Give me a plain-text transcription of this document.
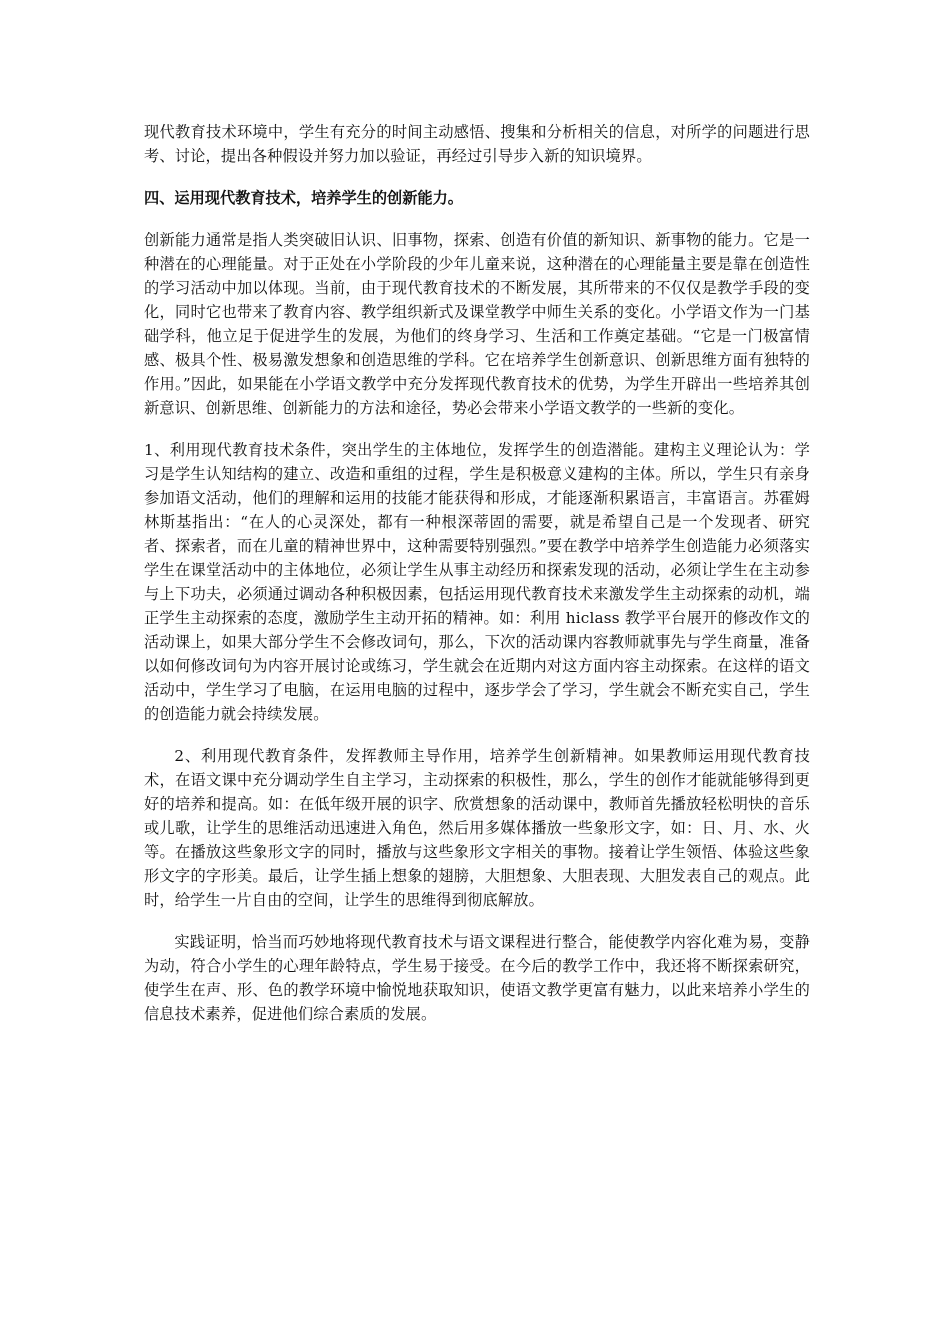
现代教育技术环境中，学生有充分的时间主动感悟、搜集和分析相关的信息，对所学的问题进行思考、讨论，提出各种假设并努力加以验证，再经过引导步入新的知识境界。

四、运用现代教育技术，培养学生的创新能力。

创新能力通常是指人类突破旧认识、旧事物，探索、创造有价值的新知识、新事物的能力。它是一种潜在的心理能量。对于正处在小学阶段的少年儿童来说，这种潜在的心理能量主要是靠在创造性的学习活动中加以体现。当前，由于现代教育技术的不断发展，其所带来的不仅仅是教学手段的变化，同时它也带来了教育内容、教学组织新式及课堂教学中师生关系的变化。小学语文作为一门基础学科，他立足于促进学生的发展，为他们的终身学习、生活和工作奠定基础。“它是一门极富情感、极具个性、极易激发想象和创造思维的学科。它在培养学生创新意识、创新思维方面有独特的作用。”因此，如果能在小学语文教学中充分发挥现代教育技术的优势，为学生开辟出一些培养其创新意识、创新思维、创新能力的方法和途径，势必会带来小学语文教学的一些新的变化。

1、利用现代教育技术条件，突出学生的主体地位，发挥学生的创造潜能。建构主义理论认为：学习是学生认知结构的建立、改造和重组的过程，学生是积极意义建构的主体。所以，学生只有亲身参加语文活动，他们的理解和运用的技能才能获得和形成，才能逐渐积累语言，丰富语言。苏霍姆林斯基指出：“在人的心灵深处，都有一种根深蒂固的需要，就是希望自己是一个发现者、研究者、探索者，而在儿童的精神世界中，这种需要特别强烈。”要在教学中培养学生创造能力必须落实学生在课堂活动中的主体地位，必须让学生从事主动经历和探索发现的活动，必须让学生在主动参 与上下功夫，必须通过调动各种积极因素，包括运用现代教育技术来激发学生主动探索的动机，端正学生主动探索的态度，激励学生主动开拓的精神。如：利用 hiclass 教学平台展开的修改作文的活动课上，如果大部分学生不会修改词句，那么，下次的活动课内容教师就事先与学生商量，准备以如何修改词句为内容开展讨论或练习，学生就会在近期内对这方面内容主动探索。在这样的语文活动中，学生学习了电脑，在运用电脑的过程中，逐步学会了学习，学生就会不断充实自己，学生的创造能力就会持续发展。

2、利用现代教育条件，发挥教师主导作用，培养学生创新精神。如果教师运用现代教育技术，在语文课中充分调动学生自主学习，主动探索的积极性，那么，学生的创作才能就能够得到更好的培养和提高。如：在低年级开展的识字、欣赏想象的活动课中，教师首先播放轻松明快的音乐或儿歌，让学生的思维活动迅速进入角色，然后用多媒体播放一些象形文字，如：日、月、水、火等。在播放这些象形文字的同时，播放与这些象形文字相关的事物。接着让学生领悟、体验这些象形文字的字形美。最后，让学生插上想象的翅膀，大胆想象、大胆表现、大胆发表自己的观点。此时，给学生一片自由的空间，让学生的思维得到彻底解放。

实践证明，恰当而巧妙地将现代教育技术与语文课程进行整合，能使教学内容化难为易，变静为动，符合小学生的心理年龄特点，学生易于接受。在今后的教学工作中，我还将不断探索研究，使学生在声、形、色的教学环境中愉悦地获取知识，使语文教学更富有魅力，以此来培养小学生的信息技术素养，促进他们综合素质的发展。
